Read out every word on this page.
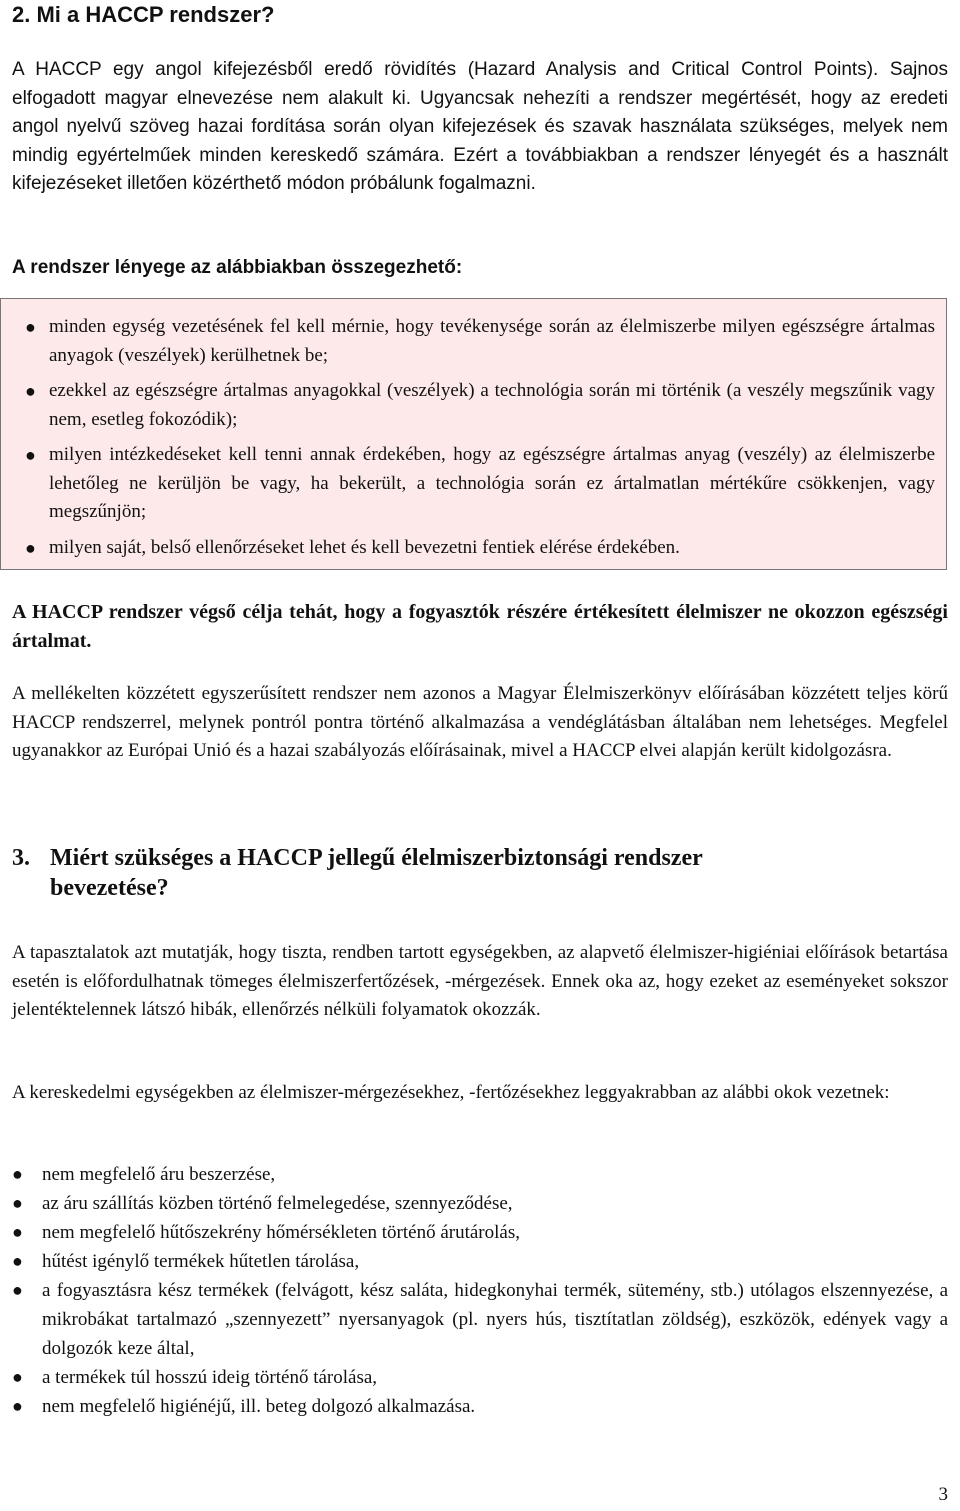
2. Mi a HACCP rendszer?

A HACCP egy angol kifejezésből eredő rövidítés (Hazard Analysis and Critical Control Points). Sajnos elfogadott magyar elnevezése nem alakult ki. Ugyancsak nehezíti a rendszer megértését, hogy az eredeti angol nyelvű szöveg hazai fordítása során olyan kifejezések és szavak használata szükséges, melyek nem mindig egyértelműek minden kereskedő számára. Ezért a továbbiakban a rendszer lényegét és a használt kifejezéseket illetően közérthető módon próbálunk fogalmazni.

A rendszer lényege az alábbiakban összegezhető:

● minden egység vezetésének fel kell mérnie, hogy tevékenysége során az élelmiszerbe milyen egészségre ártalmas anyagok (veszélyek) kerülhetnek be;
● ezekkel az egészségre ártalmas anyagokkal (veszélyek) a technológia során mi történik (a veszély megszűnik vagy nem, esetleg fokozódik);
● milyen intézkedéseket kell tenni annak érdekében, hogy az egészségre ártalmas anyag (veszély) az élelmiszerbe lehetőleg ne kerüljön be vagy, ha bekerült, a technológia során ez ártalmatlan mértékűre csökkenjen, vagy megszűnjön;
● milyen saját, belső ellenőrzéseket lehet és kell bevezetni fentiek elérése érdekében.

A HACCP rendszer végső célja tehát, hogy a fogyasztók részére értékesített élelmiszer ne okozzon egészségi ártalmat.

A mellékelten közzétett egyszerűsített rendszer nem azonos a Magyar Élelmiszerkönyv előírásában közzétett teljes körű HACCP rendszerrel, melynek pontról pontra történő alkalmazása a vendéglátásban általában nem lehetséges. Megfelel ugyanakkor az Európai Unió és a hazai szabályozás előírásainak, mivel a HACCP elvei alapján került kidolgozásra.

3. Miért szükséges a HACCP jellegű élelmiszerbiztonsági rendszer
bevezetése?

A tapasztalatok azt mutatják, hogy tiszta, rendben tartott egységekben, az alapvető élelmiszer-higiéniai előírások betartása esetén is előfordulhatnak tömeges élelmiszerfertőzések, -mérgezések. Ennek oka az, hogy ezeket az eseményeket sokszor jelentéktelennek látszó hibák, ellenőrzés nélküli folyamatok okozzák.

A kereskedelmi egységekben az élelmiszer-mérgezésekhez, -fertőzésekhez leggyakrabban az alábbi okok vezetnek:

● nem megfelelő áru beszerzése,
● az áru szállítás közben történő felmelegedése, szennyeződése,
● nem megfelelő hűtőszekrény hőmérsékleten történő árutárolás,
● hűtést igénylő termékek hűtetlen tárolása,
● a fogyasztásra kész termékek (felvágott, kész saláta, hidegkonyhai termék, sütemény, stb.) utólagos elszennyezése, a mikrobákat tartalmazó „szennyezett” nyersanyagok (pl. nyers hús, tisztítatlan zöldség), eszközök, edények vagy a dolgozók keze által,
● a termékek túl hosszú ideig történő tárolása,
● nem megfelelő higiénéjű, ill. beteg dolgozó alkalmazása.
3
